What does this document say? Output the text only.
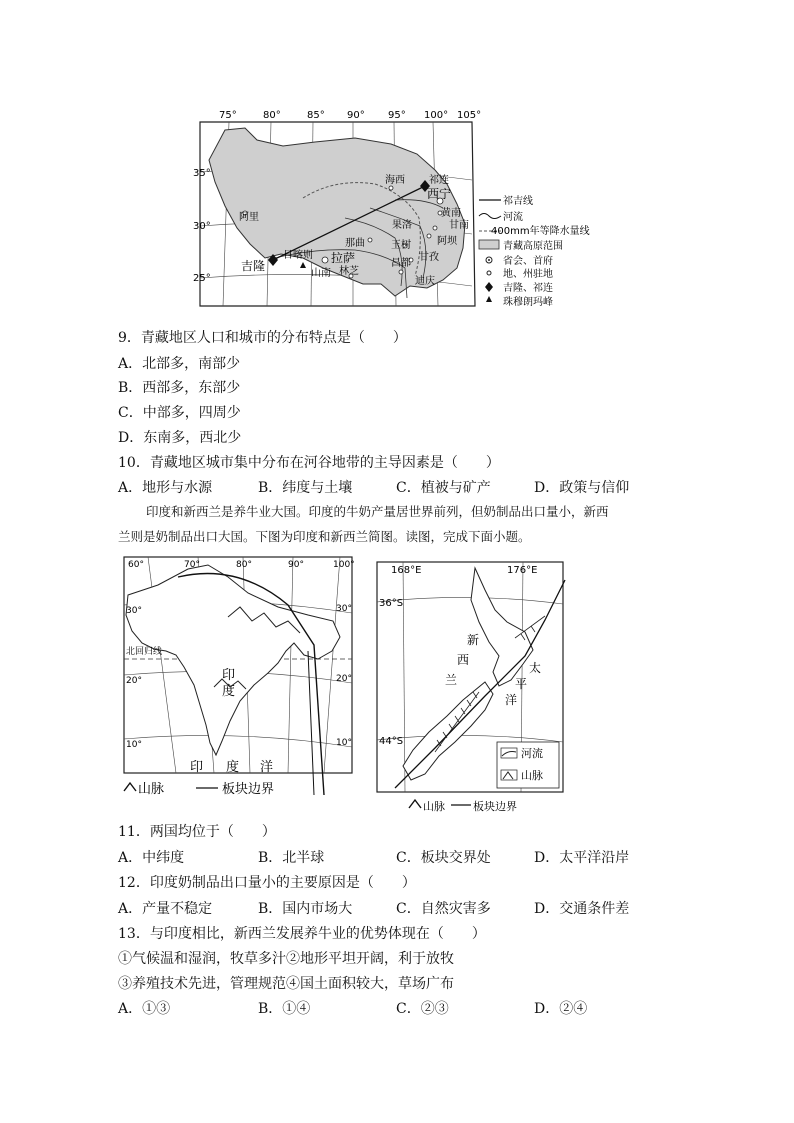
75°	80°	85° 90° 95° 100° 105°
35°
30°
25°
海西 祁连
西宁
阿里	黄南
甘南
果洛
那曲	玉树	阿坝
日喀则 拉萨	昌都
甘孜
吉隆
山南 林芝
迪庆
祁吉线
河流
400mm年等降水量线
青藏高原范围
省会、首府
地、州驻地
吉隆、祁连
珠穆朗玛峰
9．青藏地区人口和城市的分布特点是（　　）
A．北部多，南部少
B．西部多，东部少
C．中部多，四周少
D．东南多，西北少
10．青藏地区城市集中分布在河谷地带的主导因素是（　　）
A．地形与水源	B．纬度与土壤	C．植被与矿产	D．政策与信仰
印度和新西兰是养牛业大国。印度的牛奶产量居世界前列，但奶制品出口量小，新西
兰则是奶制品出口大国。下图为印度和新西兰简图。读图，完成下面小题。
60°	70°	80°	90°	100°
30°	30°
20°	20°
10°	10°
北回归线
印
度
印 度 洋
山脉	板块边界
168°E	176°E
36°S
44°S
新
西
兰
太
平
洋
河流
山脉
山脉	板块边界
11．两国均位于（　　）
A．中纬度	B．北半球	C．板块交界处	D．太平洋沿岸
12．印度奶制品出口量小的主要原因是（　　）
A．产量不稳定	B．国内市场大	C．自然灾害多	D．交通条件差
13．与印度相比，新西兰发展养牛业的优势体现在（　　）
①气候温和湿润，牧草多汁②地形平坦开阔，利于放牧
③养殖技术先进，管理规范④国土面积较大，草场广布
A．①③	B．①④	C．②③	D．②④
